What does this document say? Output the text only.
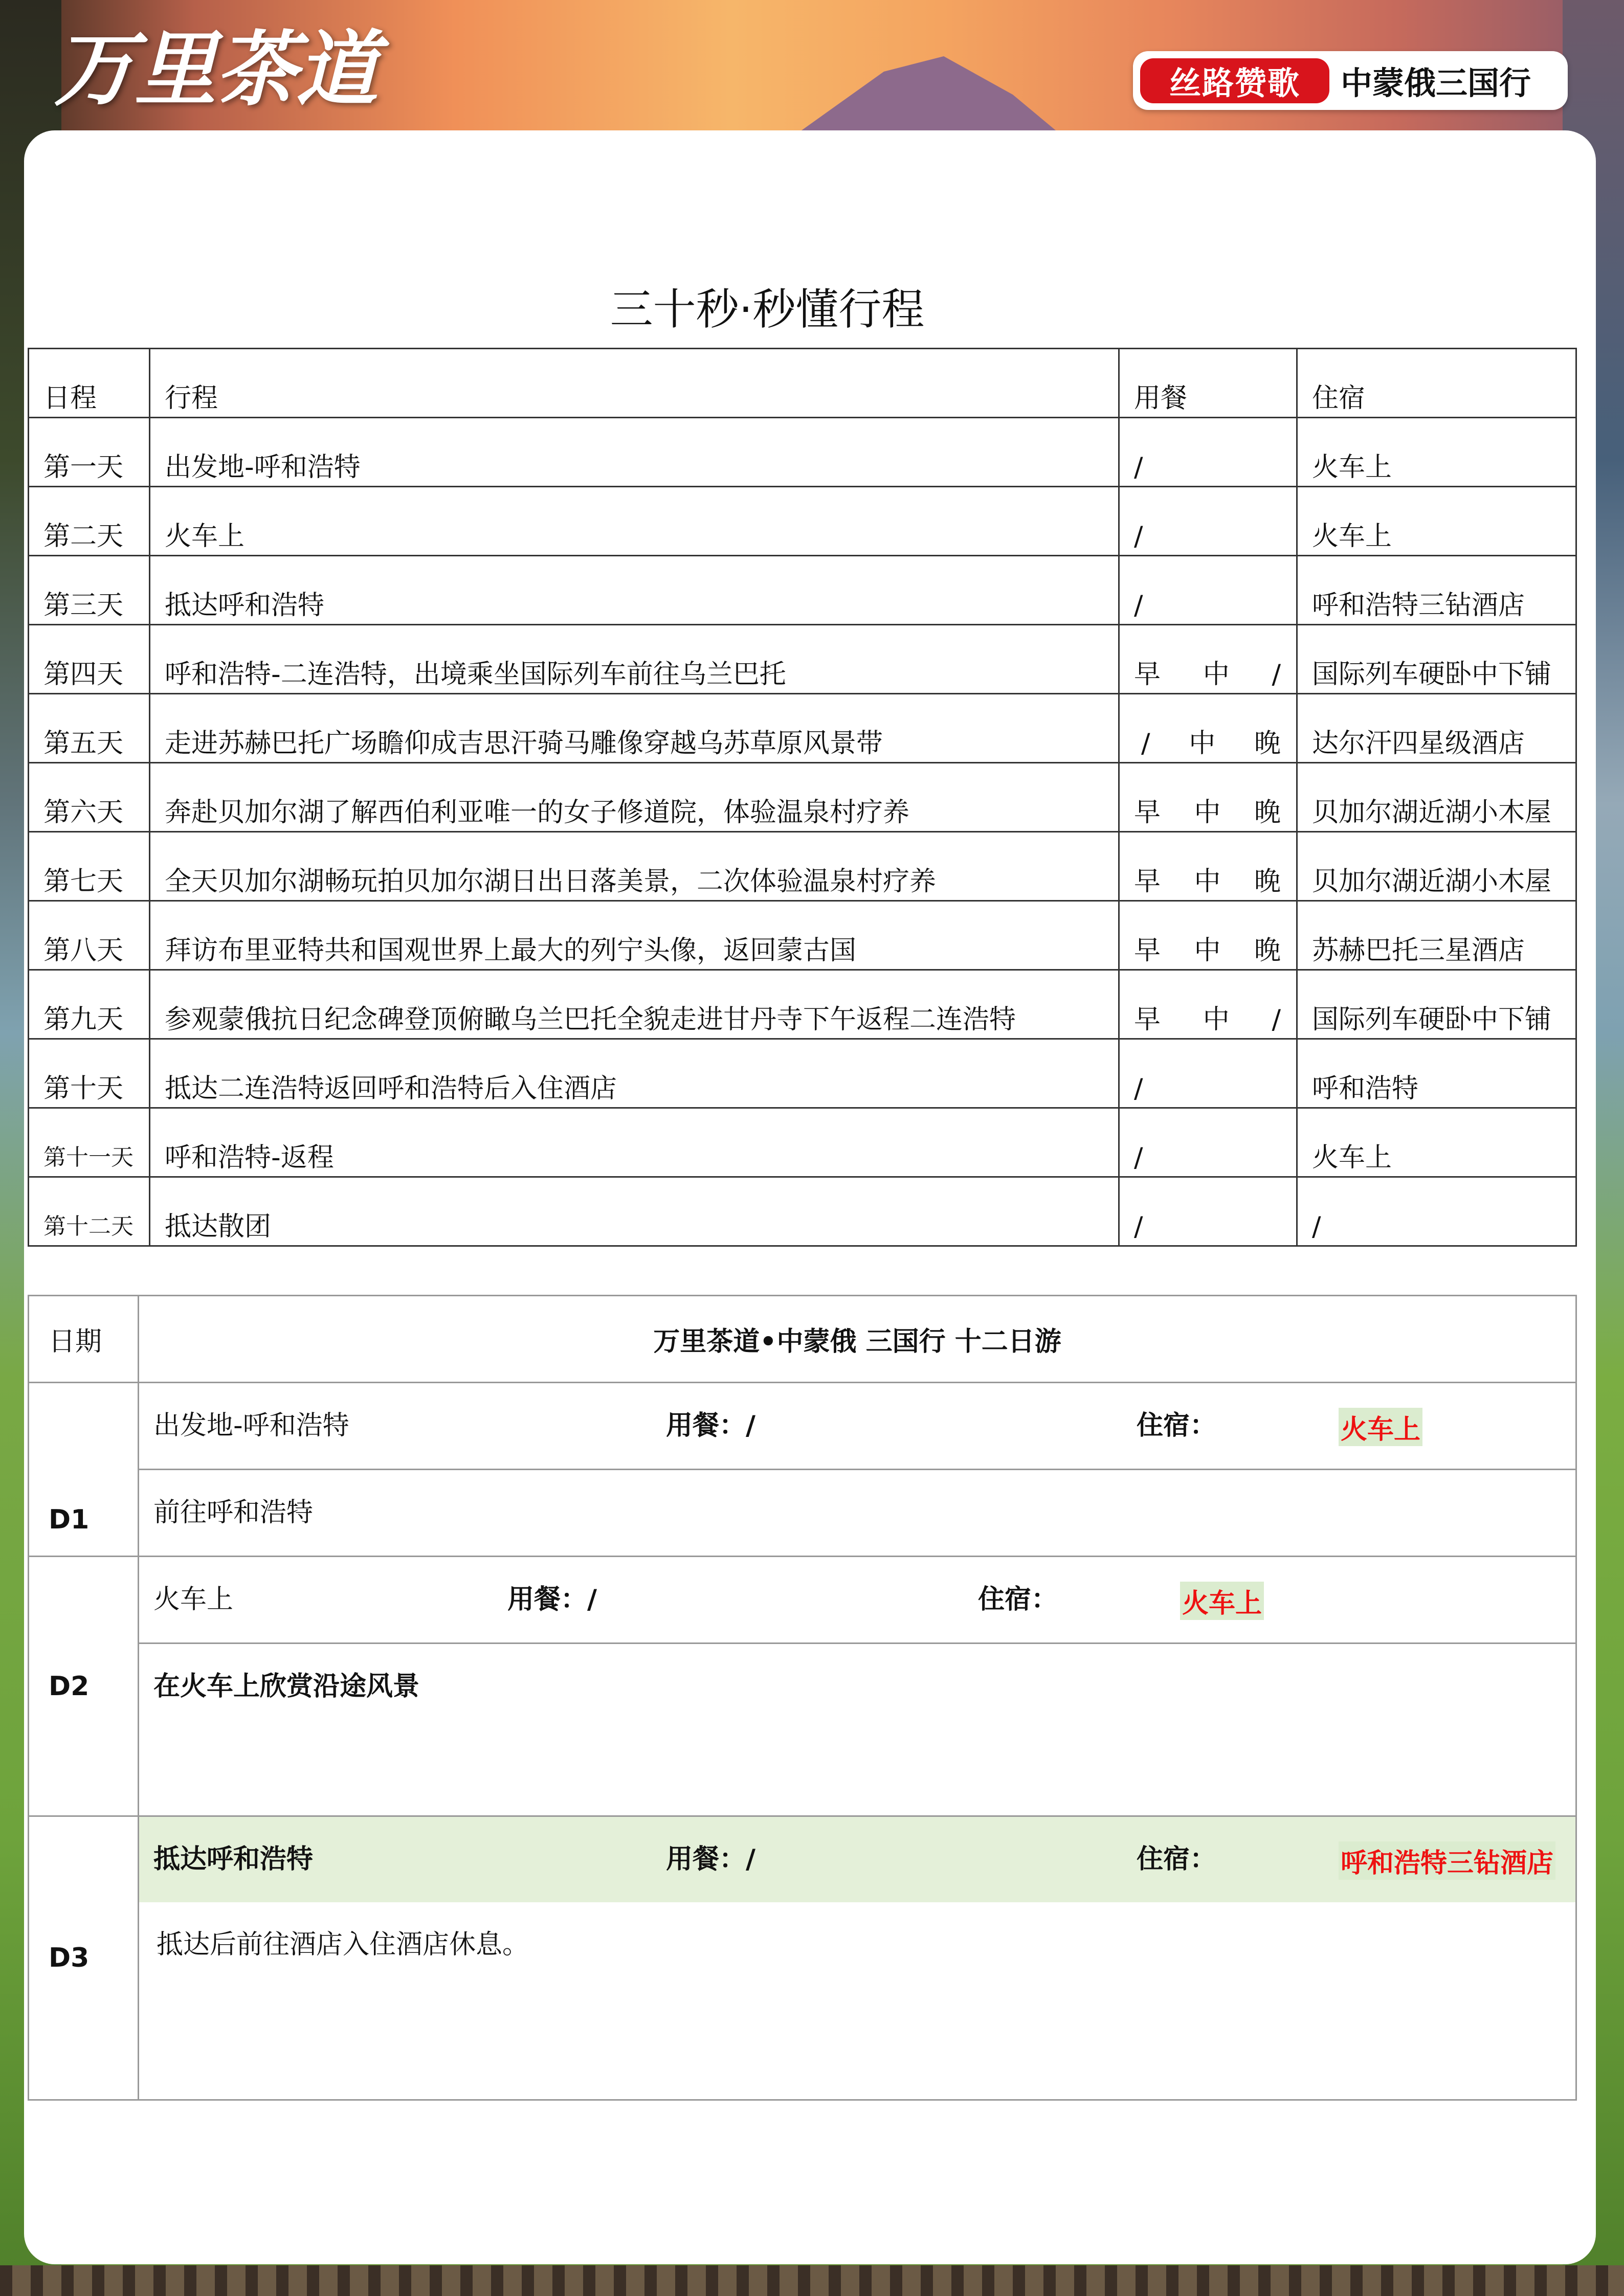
万里茶道	丝路赞歌	中蒙俄三国行
三十秒·秒懂行程
日程	行程	用餐	住宿
第一天	出发地-呼和浩特	/	火车上
第二天	火车上	/	火车上
第三天	抵达呼和浩特	/	呼和浩特三钻酒店
第四天	呼和浩特-二连浩特，出境乘坐国际列车前往乌兰巴托	早 中 /	国际列车硬卧中下铺
第五天	走进苏赫巴托广场瞻仰成吉思汗骑马雕像穿越乌苏草原风景带	/ 中 晚	达尔汗四星级酒店
第六天	奔赴贝加尔湖了解西伯利亚唯一的女子修道院，体验温泉村疗养	早 中 晚	贝加尔湖近湖小木屋
第七天	全天贝加尔湖畅玩拍贝加尔湖日出日落美景，二次体验温泉村疗养	早 中 晚	贝加尔湖近湖小木屋
第八天	拜访布里亚特共和国观世界上最大的列宁头像，返回蒙古国	早 中 晚	苏赫巴托三星酒店
第九天	参观蒙俄抗日纪念碑登顶俯瞰乌兰巴托全貌走进甘丹寺下午返程二连浩特	早 中 /	国际列车硬卧中下铺
第十天	抵达二连浩特返回呼和浩特后入住酒店	/	呼和浩特
第十一天	呼和浩特-返程	/	火车上
第十二天	抵达散团	/	/
日期	万里茶道•中蒙俄 三国行 十二日游
D1	出发地-呼和浩特 用餐：/ 住宿： 火车上

	前往呼和浩特

D2	火车上 用餐：/ 住宿： 火车上

	在火车上欣赏沿途风景

D3	抵达呼和浩特 用餐：/ 住宿： 呼和浩特三钻酒店

	抵达后前往酒店入住酒店休息。
